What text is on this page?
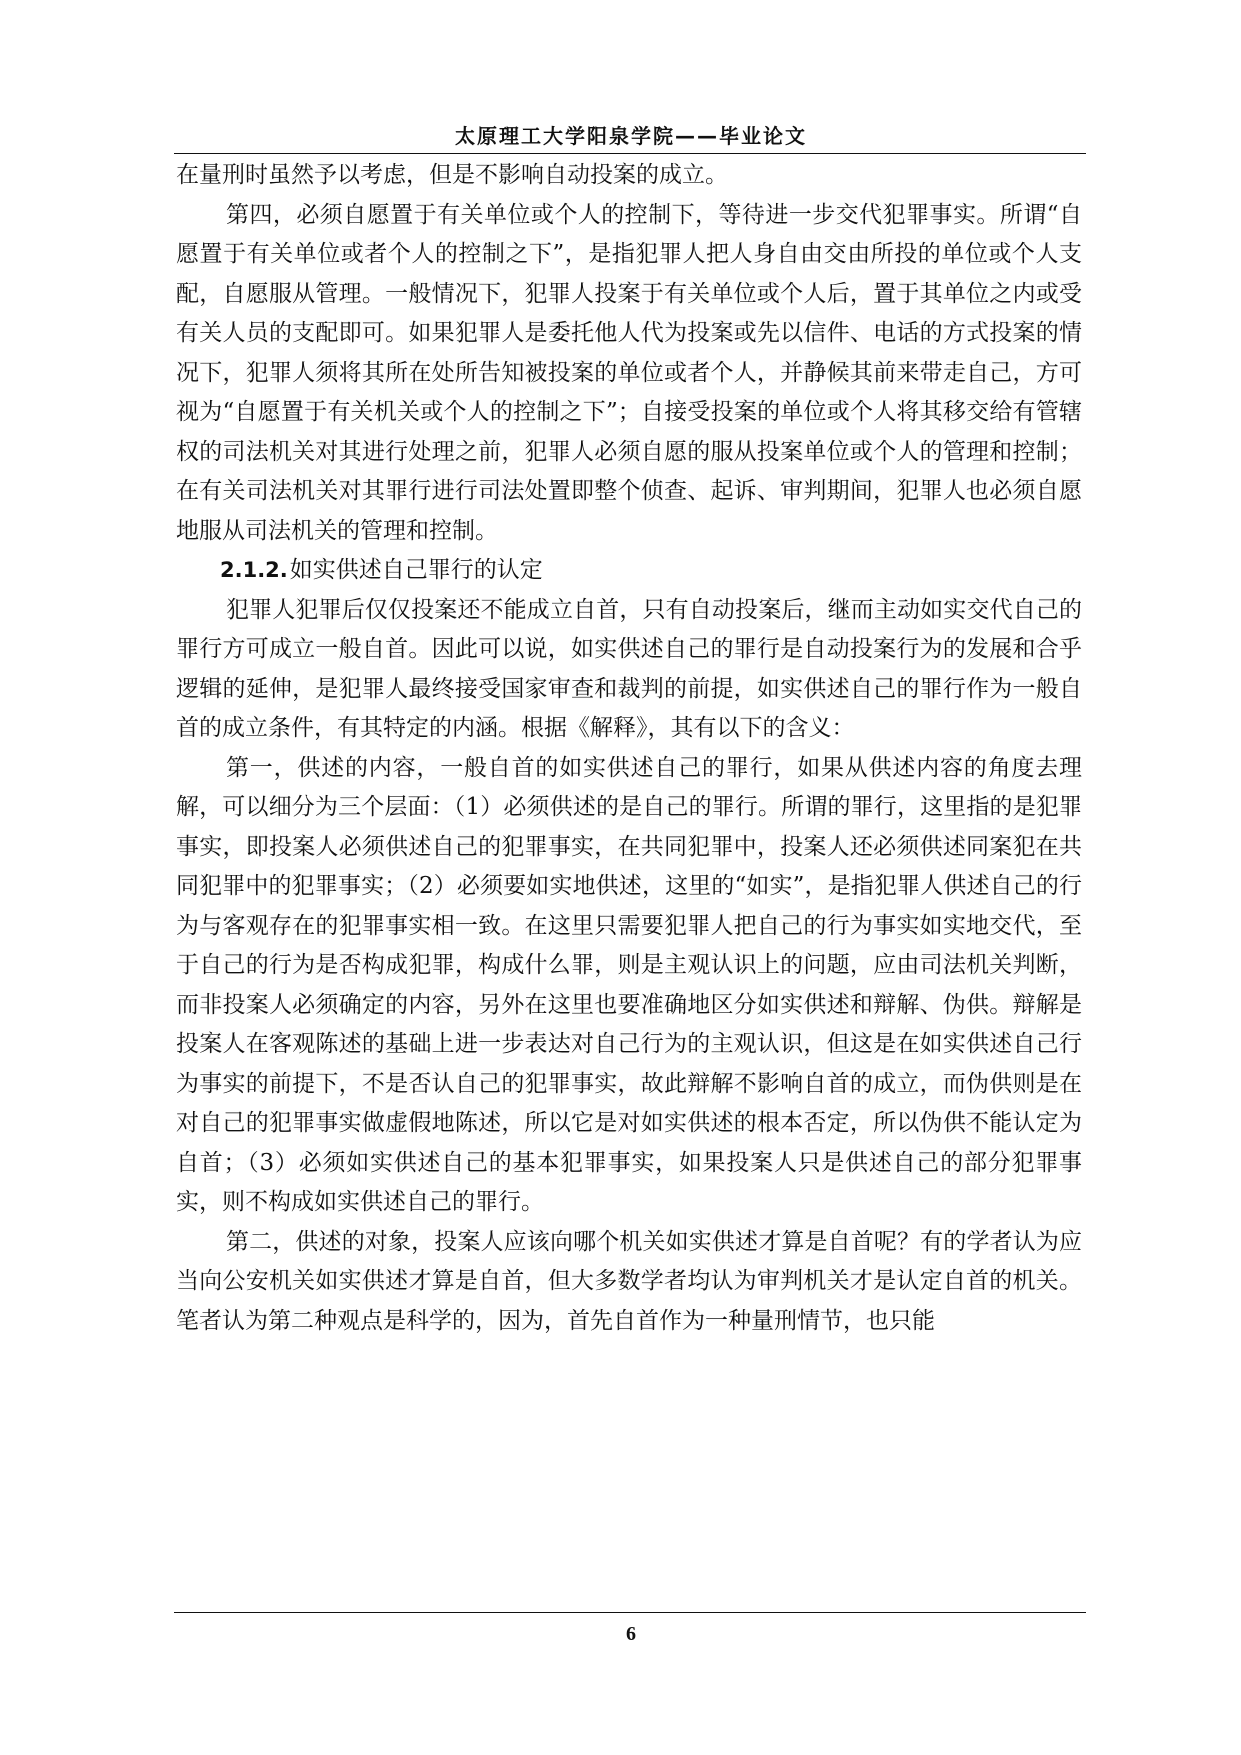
太原理工大学阳泉学院——毕业论文

在量刑时虽然予以考虑，但是不影响自动投案的成立。

第四，必须自愿置于有关单位或个人的控制下，等待进一步交代犯罪事实。所谓“自愿置于有关单位或者个人的控制之下”，是指犯罪人把人身自由交由所投的单位或个人支配，自愿服从管理。一般情况下，犯罪人投案于有关单位或个人后，置于其单位之内或受有关人员的支配即可。如果犯罪人是委托他人代为投案或先以信件、电话的方式投案的情况下，犯罪人须将其所在处所告知被投案的单位或者个人，并静候其前来带走自己，方可视为“自愿置于有关机关或个人的控制之下”；自接受投案的单位或个人将其移交给有管辖权的司法机关对其进行处理之前，犯罪人必须自愿的服从投案单位或个人的管理和控制；在有关司法机关对其罪行进行司法处置即整个侦查、起诉、审判期间，犯罪人也必须自愿地服从司法机关的管理和控制。

2.1.2.如实供述自己罪行的认定

犯罪人犯罪后仅仅投案还不能成立自首，只有自动投案后，继而主动如实交代自己的罪行方可成立一般自首。因此可以说，如实供述自己的罪行是自动投案行为的发展和合乎逻辑的延伸，是犯罪人最终接受国家审查和裁判的前提，如实供述自己的罪行作为一般自首的成立条件，有其特定的内涵。根据《解释》，其有以下的含义：

第一，供述的内容，一般自首的如实供述自己的罪行，如果从供述内容的角度去理解，可以细分为三个层面：（1）必须供述的是自己的罪行。所谓的罪行，这里指的是犯罪事实，即投案人必须供述自己的犯罪事实，在共同犯罪中，投案人还必须供述同案犯在共同犯罪中的犯罪事实；（2）必须要如实地供述，这里的“如实”，是指犯罪人供述自己的行为与客观存在的犯罪事实相一致。在这里只需要犯罪人把自己的行为事实如实地交代，至于自己的行为是否构成犯罪，构成什么罪，则是主观认识上的问题，应由司法机关判断，而非投案人必须确定的内容，另外在这里也要准确地区分如实供述和辩解、伪供。辩解是投案人在客观陈述的基础上进一步表达对自己行为的主观认识，但这是在如实供述自己行为事实的前提下，不是否认自己的犯罪事实，故此辩解不影响自首的成立，而伪供则是在对自己的犯罪事实做虚假地陈述，所以它是对如实供述的根本否定，所以伪供不能认定为自首；（3）必须如实供述自己的基本犯罪事实，如果投案人只是供述自己的部分犯罪事实，则不构成如实供述自己的罪行。

第二，供述的对象，投案人应该向哪个机关如实供述才算是自首呢？有的学者认为应当向公安机关如实供述才算是自首，但大多数学者均认为审判机关才是认定自首的机关。笔者认为第二种观点是科学的，因为，首先自首作为一种量刑情节，也只能

6
